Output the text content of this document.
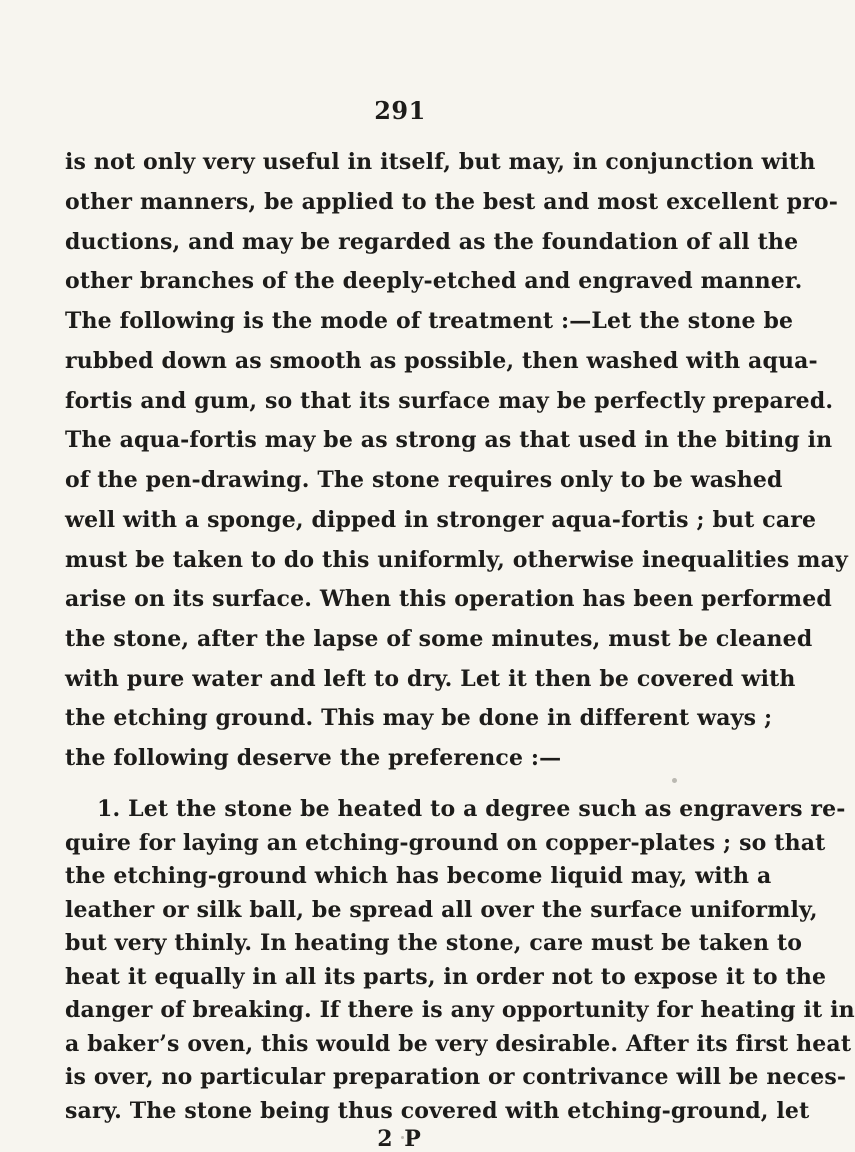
291
is not only very useful in itself, but may, in conjunction with
other manners, be applied to the best and most excellent pro-
ductions, and may be regarded as the foundation of all the
other branches of the deeply-etched and engraved manner.
The following is the mode of treatment :—Let the stone be
rubbed down as smooth as possible, then washed with aqua-
fortis and gum, so that its surface may be perfectly prepared.
The aqua-fortis may be as strong as that used in the biting in
of the pen-drawing. The stone requires only to be washed
well with a sponge, dipped in stronger aqua-fortis ; but care
must be taken to do this uniformly, otherwise inequalities may
arise on its surface. When this operation has been performed
the stone, after the lapse of some minutes, must be cleaned
with pure water and left to dry. Let it then be covered with
the etching ground. This may be done in different ways ;
the following deserve the preference :—
1. Let the stone be heated to a degree such as engravers re-
quire for laying an etching-ground on copper-plates ; so that
the etching-ground which has become liquid may, with a
leather or silk ball, be spread all over the surface uniformly,
but very thinly. In heating the stone, care must be taken to
heat it equally in all its parts, in order not to expose it to the
danger of breaking. If there is any opportunity for heating it in
a baker’s oven, this would be very desirable. After its first heat
is over, no particular preparation or contrivance will be neces-
sary. The stone being thus covered with etching-ground, let
2 P
